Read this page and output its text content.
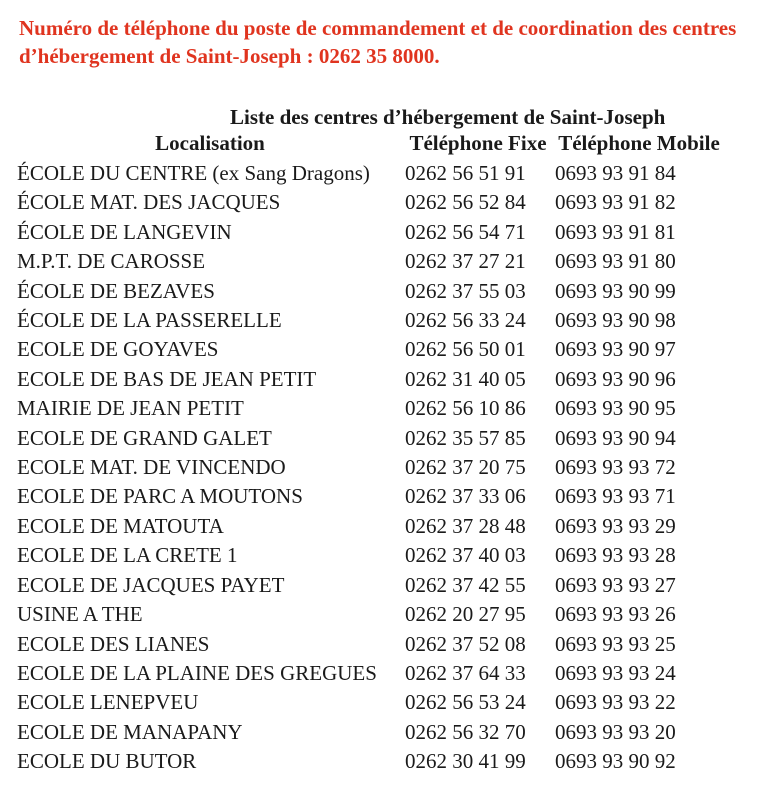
Numéro de téléphone du poste de commandement et de coordination des centres d’hébergement de Saint-Joseph : 0262 35 8000.
Liste des centres d’hébergement de Saint-Joseph
Localisation	Téléphone Fixe Téléphone Mobile
ÉCOLE DU CENTRE (ex Sang Dragons)	0262 56 51 91	0693 93 91 84
ÉCOLE MAT. DES JACQUES	0262 56 52 84	0693 93 91 82
ÉCOLE DE LANGEVIN	0262 56 54 71	0693 93 91 81
M.P.T. DE CAROSSE	0262 37 27 21	0693 93 91 80
ÉCOLE DE BEZAVES	0262 37 55 03	0693 93 90 99
ÉCOLE DE LA PASSERELLE	0262 56 33 24	0693 93 90 98
ECOLE DE GOYAVES	0262 56 50 01	0693 93 90 97
ECOLE DE BAS DE JEAN PETIT	0262 31 40 05	0693 93 90 96
MAIRIE DE JEAN PETIT	0262 56 10 86	0693 93 90 95
ECOLE DE GRAND GALET	0262 35 57 85	0693 93 90 94
ECOLE MAT. DE VINCENDO	0262 37 20 75	0693 93 93 72
ECOLE DE PARC A MOUTONS	0262 37 33 06	0693 93 93 71
ECOLE DE MATOUTA	0262 37 28 48	0693 93 93 29
ECOLE DE LA CRETE 1	0262 37 40 03	0693 93 93 28
ECOLE DE JACQUES PAYET	0262 37 42 55	0693 93 93 27
USINE A THE	0262 20 27 95	0693 93 93 26
ECOLE DES LIANES	0262 37 52 08	0693 93 93 25
ECOLE DE LA PLAINE DES GREGUES	0262 37 64 33	0693 93 93 24
ECOLE LENEPVEU	0262 56 53 24	0693 93 93 22
ECOLE DE MANAPANY	0262 56 32 70	0693 93 93 20
ECOLE DU BUTOR	0262 30 41 99	0693 93 90 92
